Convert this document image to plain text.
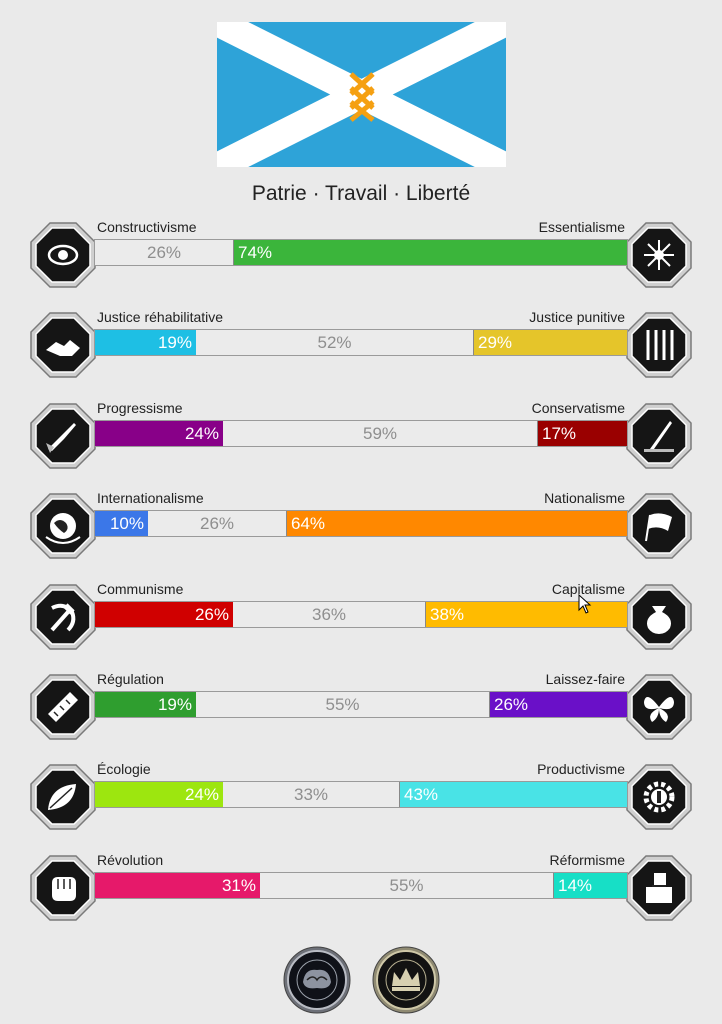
Patrie · Travail · Liberté
Constructivisme	Essentialisme
26%	74%
Justice réhabilitative	Justice punitive
19%	52%	29%
Progressisme	Conservatisme
24%	59%	17%
Internationalisme	Nationalisme
10%	26%	64%
Communisme	Capitalisme
26%	36%	38%
Régulation	Laissez-faire
19%	55%	26%
Écologie	Productivisme
24%	33%	43%
Révolution	Réformisme
31%	55%	14%
